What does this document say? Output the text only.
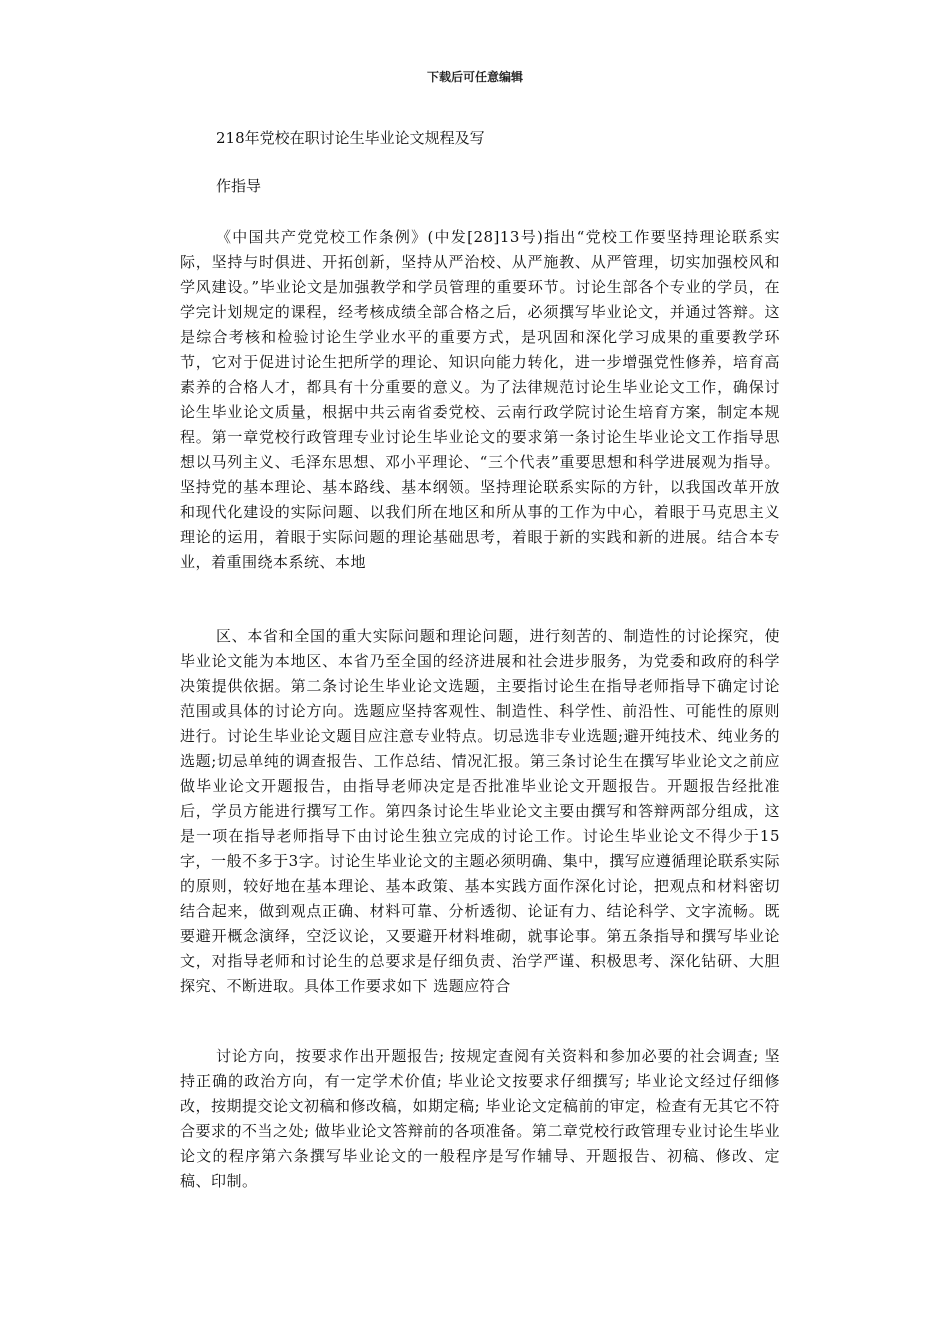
下载后可任意编辑
218年党校在职讨论生毕业论文规程及写
作指导

《中国共产党党校工作条例》(中发[28]13号)指出“党校工作要坚持理论联系实际，坚持与时俱进、开拓创新，坚持从严治校、从严施教、从严管理，切实加强校风和学风建设。”毕业论文是加强教学和学员管理的重要环节。讨论生部各个专业的学员，在学完计划规定的课程，经考核成绩全部合格之后，必须撰写毕业论文，并通过答辩。这是综合考核和检验讨论生学业水平的重要方式，是巩固和深化学习成果的重要教学环节，它对于促进讨论生把所学的理论、知识向能力转化，进一步增强党性修养，培育高素养的合格人才，都具有十分重要的意义。为了法律规范讨论生毕业论文工作，确保讨论生毕业论文质量，根据中共云南省委党校、云南行政学院讨论生培育方案，制定本规程。第一章党校行政管理专业讨论生毕业论文的要求第一条讨论生毕业论文工作指导思想以马列主义、毛泽东思想、邓小平理论、“三个代表”重要思想和科学进展观为指导。坚持党的基本理论、基本路线、基本纲领。坚持理论联系实际的方针，以我国改革开放和现代化建设的实际问题、以我们所在地区和所从事的工作为中心，着眼于马克思主义理论的运用，着眼于实际问题的理论基础思考，着眼于新的实践和新的进展。结合本专业，着重围绕本系统、本地

区、本省和全国的重大实际问题和理论问题，进行刻苦的、制造性的讨论探究，使毕业论文能为本地区、本省乃至全国的经济进展和社会进步服务，为党委和政府的科学决策提供依据。第二条讨论生毕业论文选题，主要指讨论生在指导老师指导下确定讨论范围或具体的讨论方向。选题应坚持客观性、制造性、科学性、前沿性、可能性的原则进行。讨论生毕业论文题目应注意专业特点。切忌选非专业选题;避开纯技术、纯业务的选题;切忌单纯的调查报告、工作总结、情况汇报。第三条讨论生在撰写毕业论文之前应做毕业论文开题报告，由指导老师决定是否批准毕业论文开题报告。开题报告经批准后，学员方能进行撰写工作。第四条讨论生毕业论文主要由撰写和答辩两部分组成，这是一项在指导老师指导下由讨论生独立完成的讨论工作。讨论生毕业论文不得少于15字，一般不多于3字。讨论生毕业论文的主题必须明确、集中，撰写应遵循理论联系实际的原则，较好地在基本理论、基本政策、基本实践方面作深化讨论，把观点和材料密切结合起来，做到观点正确、材料可靠、分析透彻、论证有力、结论科学、文字流畅。既要避开概念演绎，空泛议论，又要避开材料堆砌，就事论事。第五条指导和撰写毕业论文，对指导老师和讨论生的总要求是仔细负责、治学严谨、积极思考、深化钻研、大胆探究、不断进取。具体工作要求如下 选题应符合

讨论方向，按要求作出开题报告; 按规定查阅有关资料和参加必要的社会调查; 坚持正确的政治方向，有一定学术价值; 毕业论文按要求仔细撰写; 毕业论文经过仔细修改，按期提交论文初稿和修改稿，如期定稿; 毕业论文定稿前的审定，检查有无其它不符合要求的不当之处; 做毕业论文答辩前的各项准备。第二章党校行政管理专业讨论生毕业论文的程序第六条撰写毕业论文的一般程序是写作辅导、开题报告、初稿、修改、定稿、印制。
